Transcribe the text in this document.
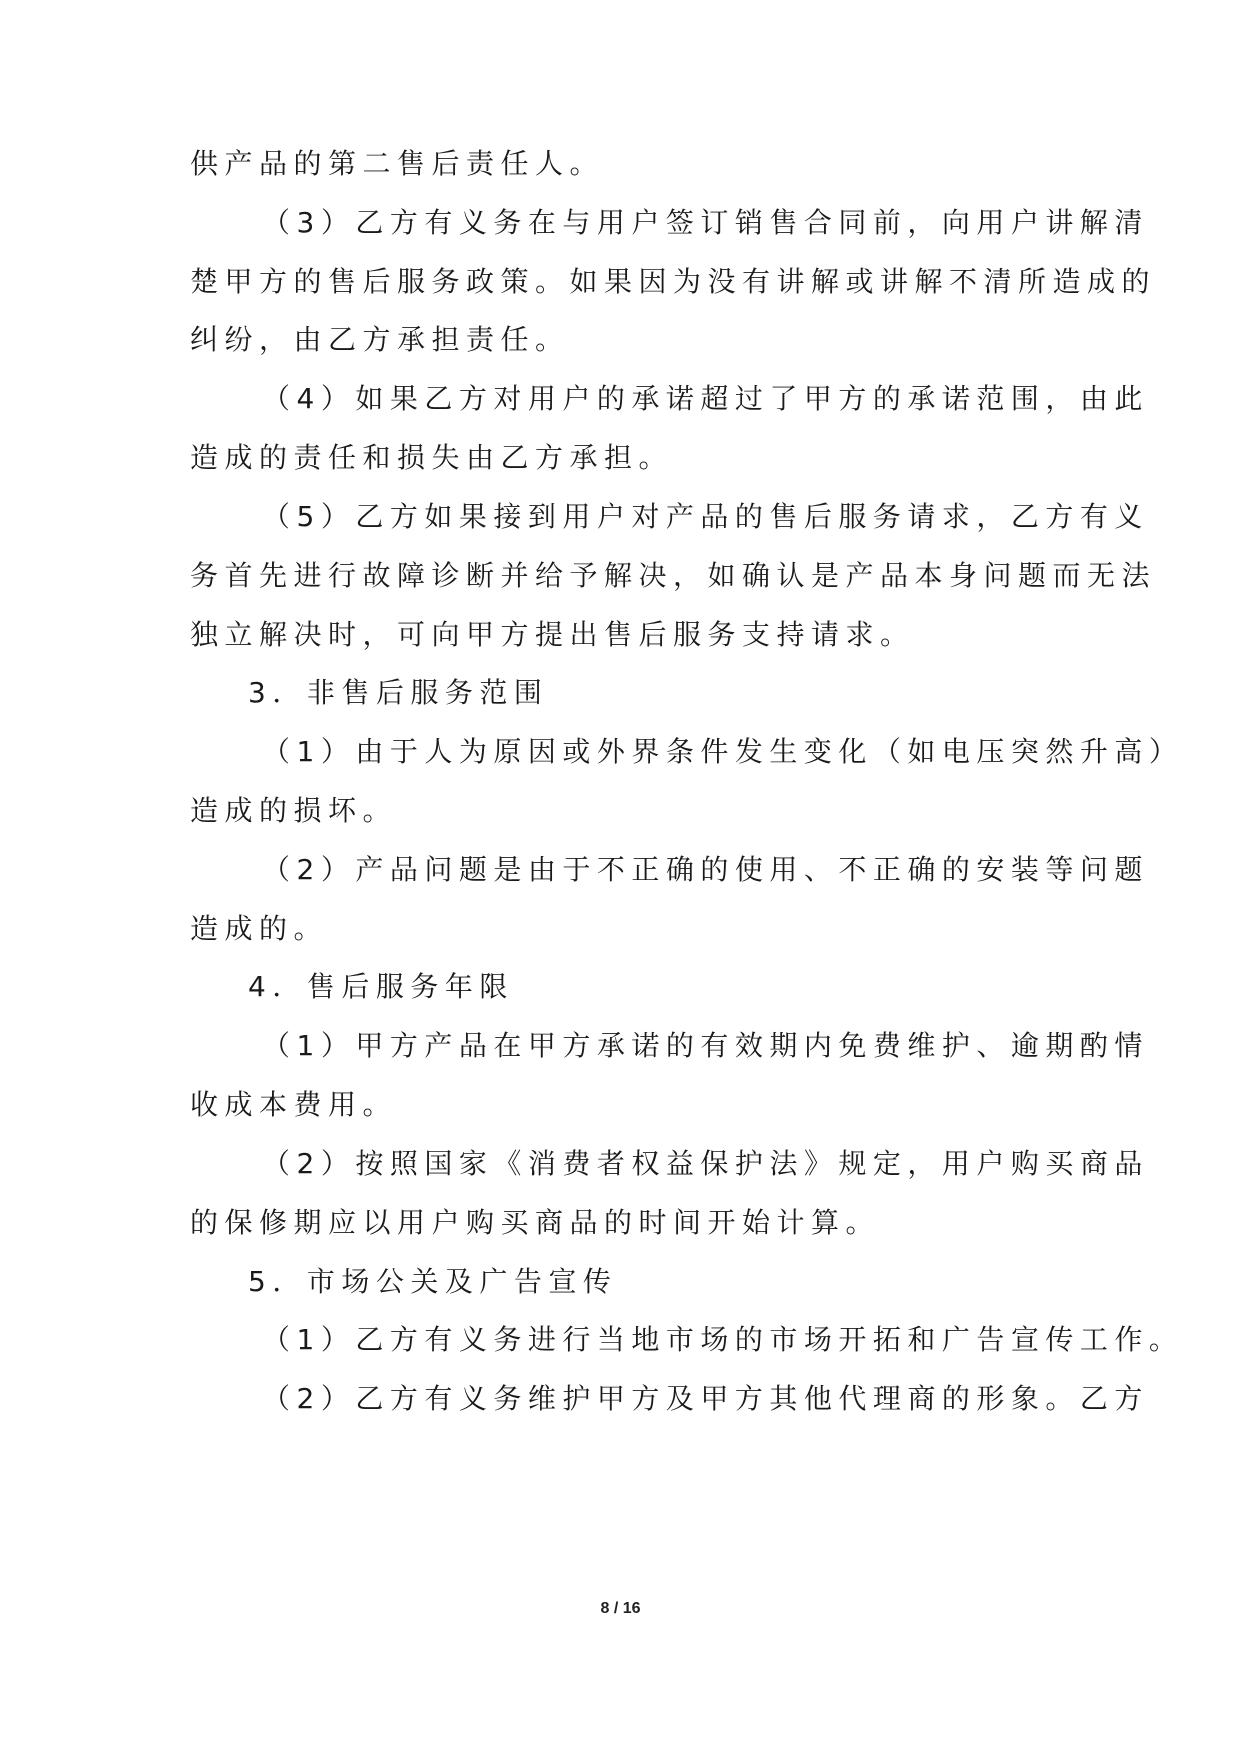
供产品的第二售后责任人。
（3）乙方有义务在与用户签订销售合同前，向用户讲解清
楚甲方的售后服务政策。如果因为没有讲解或讲解不清所造成的
纠纷，由乙方承担责任。
（4）如果乙方对用户的承诺超过了甲方的承诺范围，由此
造成的责任和损失由乙方承担。
（5）乙方如果接到用户对产品的售后服务请求，乙方有义
务首先进行故障诊断并给予解决，如确认是产品本身问题而无法
独立解决时，可向甲方提出售后服务支持请求。
3．非售后服务范围
（1）由于人为原因或外界条件发生变化（如电压突然升高）
造成的损坏。
（2）产品问题是由于不正确的使用、不正确的安装等问题
造成的。
4．售后服务年限
（1）甲方产品在甲方承诺的有效期内免费维护、逾期酌情
收成本费用。
（2）按照国家《消费者权益保护法》规定，用户购买商品
的保修期应以用户购买商品的时间开始计算。
5．市场公关及广告宣传
（1）乙方有义务进行当地市场的市场开拓和广告宣传工作。
（2）乙方有义务维护甲方及甲方其他代理商的形象。乙方
8 / 16
